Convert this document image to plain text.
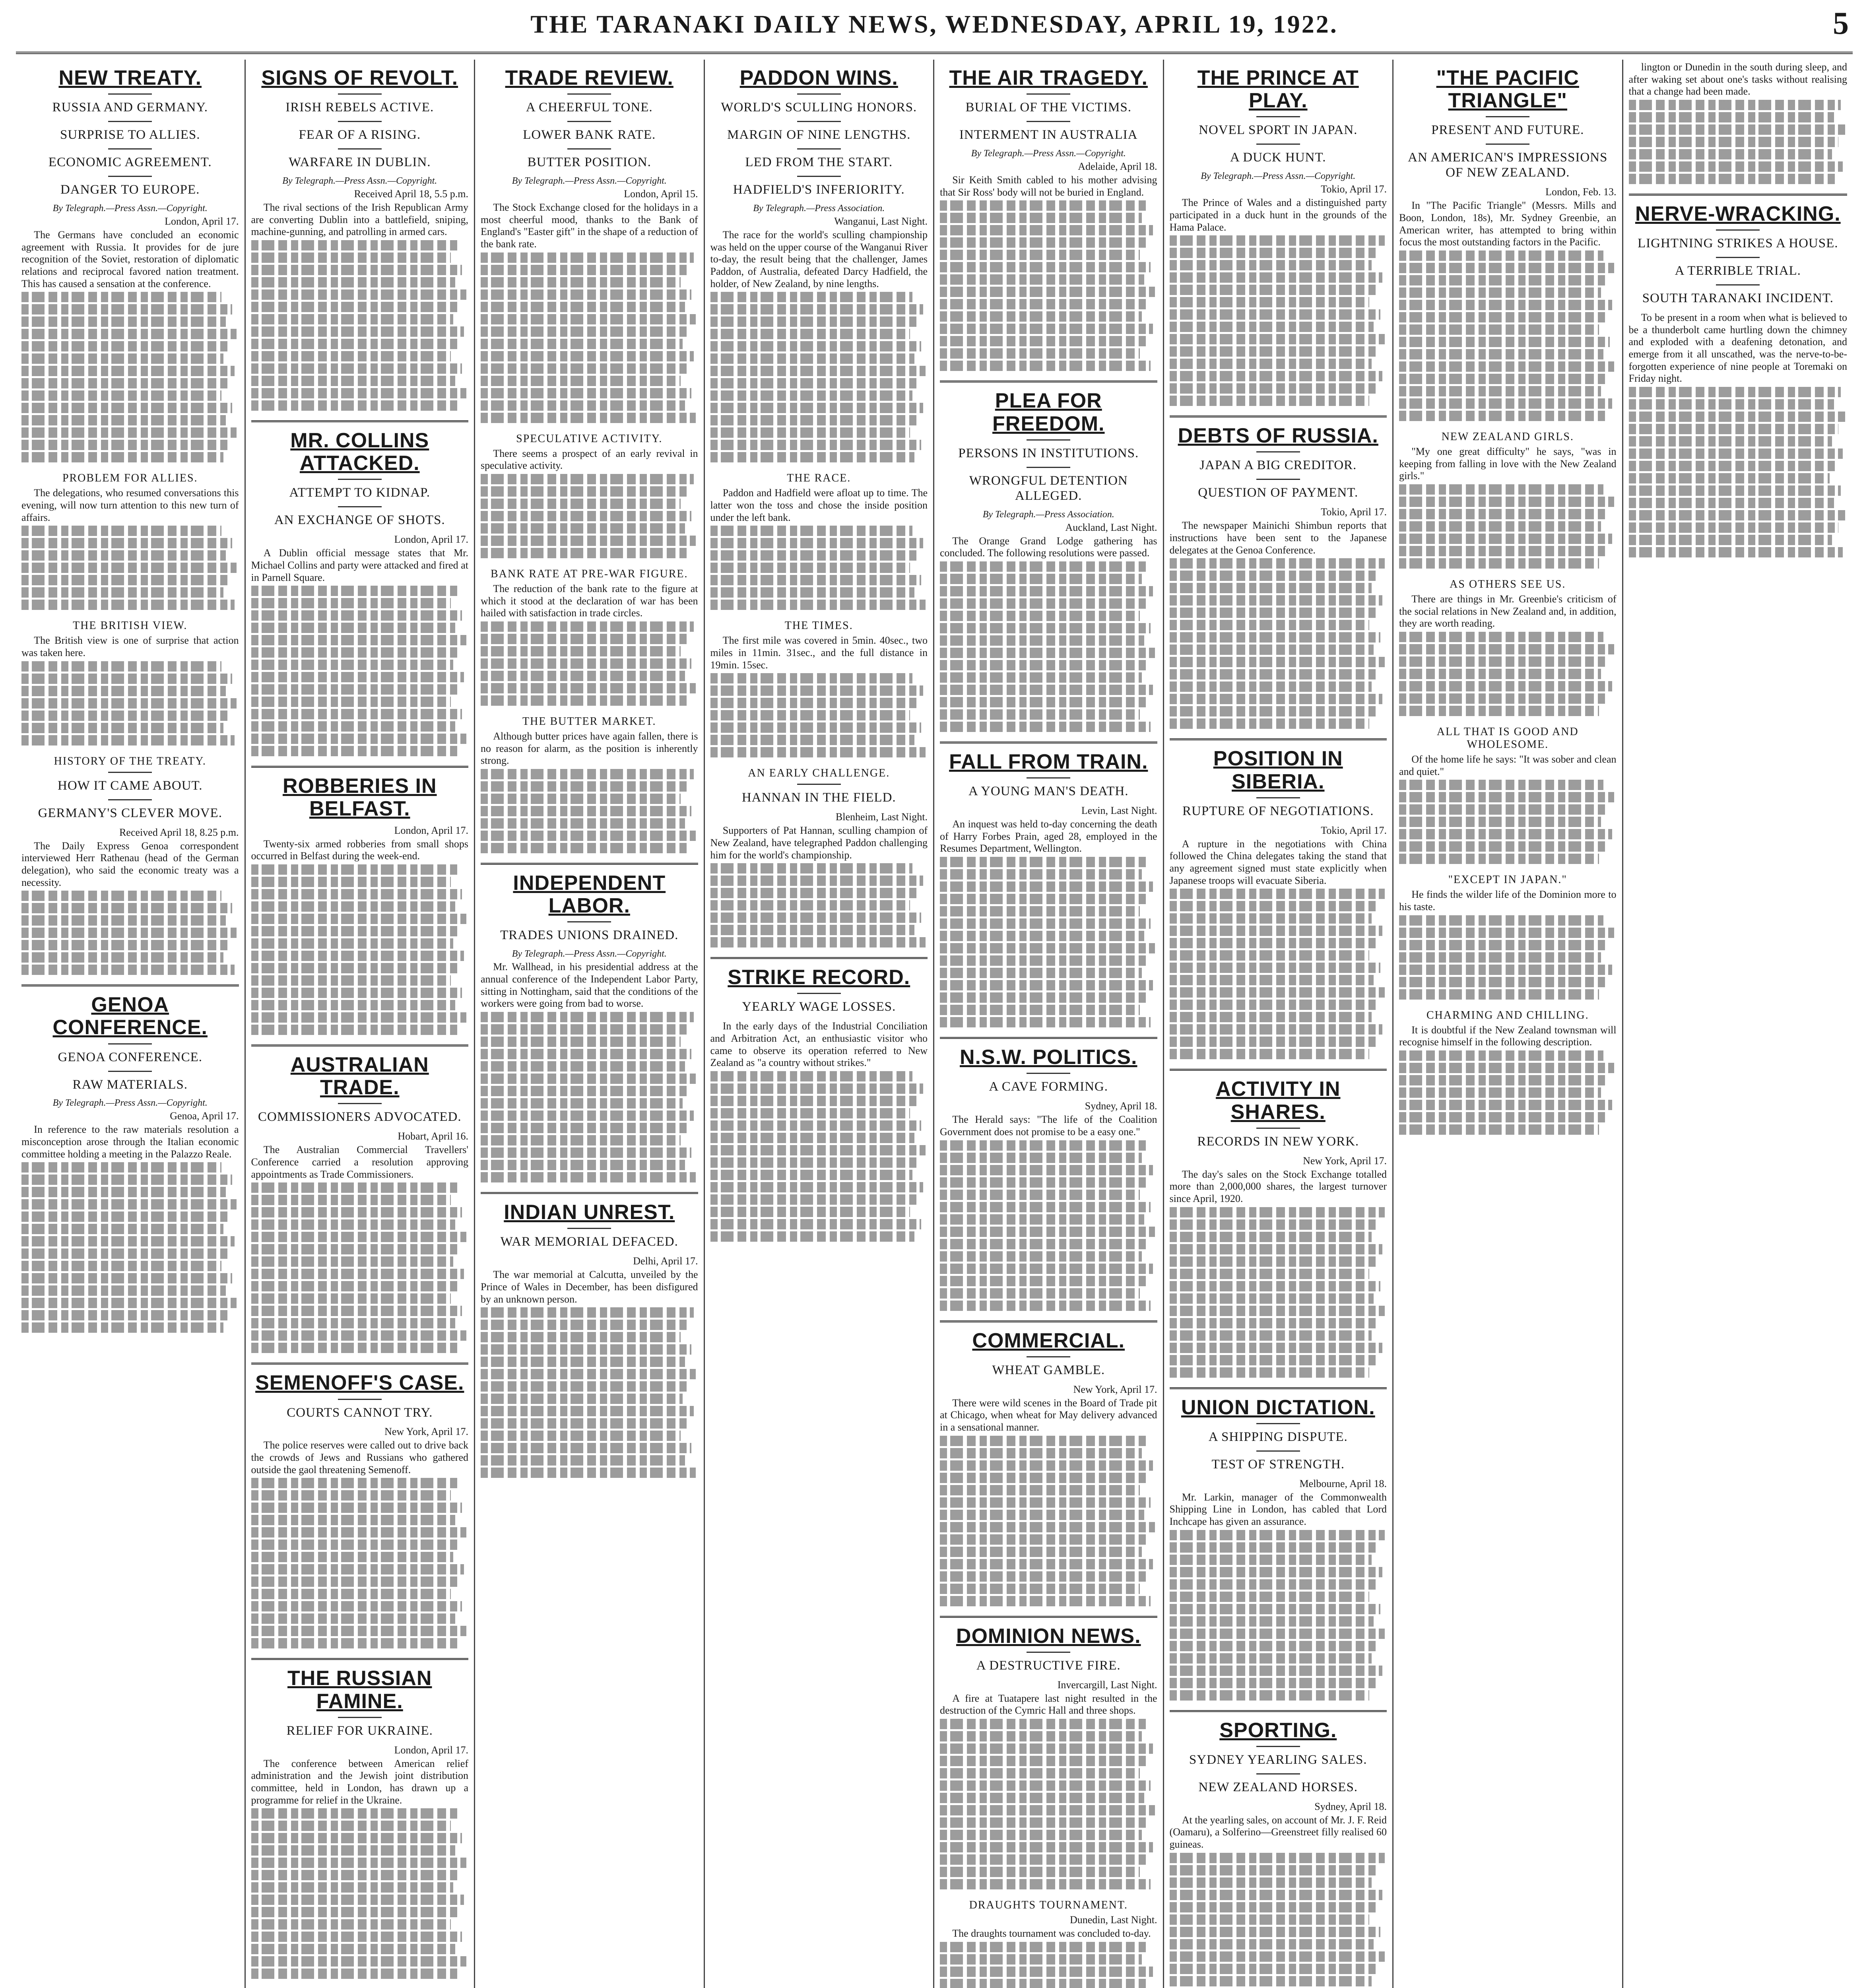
THE TARANAKI DAILY NEWS, WEDNESDAY, APRIL 19, 1922.	5
NEW TREATY.
RUSSIA AND GERMANY.
SURPRISE TO ALLIES.
ECONOMIC AGREEMENT.
DANGER TO EUROPE.
By Telegraph.—Press Assn.—Copyright.
London, April 17.
The Germans have concluded an economic agreement with Russia. It provides for de jure recognition of the Soviet, restoration of diplomatic relations and reciprocal favored nation treatment. This has caused a sensation at the conference.
PROBLEM FOR ALLIES.
The delegations, who resumed conversations this evening, will now turn attention to this new turn of affairs.
THE BRITISH VIEW.
The British view is one of surprise that action was taken here.
HISTORY OF THE TREATY.
HOW IT CAME ABOUT.
GERMANY'S CLEVER MOVE.
Received April 18, 8.25 p.m.
The Daily Express Genoa correspondent interviewed Herr Rathenau (head of the German delegation), who said the economic treaty was a necessity.
GENOA CONFERENCE.
GENOA CONFERENCE.
RAW MATERIALS.
By Telegraph.—Press Assn.—Copyright.
Genoa, April 17.
In reference to the raw materials resolution a misconception arose through the Italian economic committee holding a meeting in the Palazzo Reale.
SIGNS OF REVOLT.
IRISH REBELS ACTIVE.
FEAR OF A RISING.
WARFARE IN DUBLIN.
By Telegraph.—Press Assn.—Copyright.
Received April 18, 5.5 p.m.
The rival sections of the Irish Republican Army are converting Dublin into a battlefield, sniping, machine-gunning, and patrolling in armed cars.
MR. COLLINS ATTACKED.
ATTEMPT TO KIDNAP.
AN EXCHANGE OF SHOTS.
London, April 17.
A Dublin official message states that Mr. Michael Collins and party were attacked and fired at in Parnell Square.
ROBBERIES IN BELFAST.
London, April 17.
Twenty-six armed robberies from small shops occurred in Belfast during the week-end.
AUSTRALIAN TRADE.
COMMISSIONERS ADVOCATED.
Hobart, April 16.
The Australian Commercial Travellers' Conference carried a resolution approving appointments as Trade Commissioners.
SEMENOFF'S CASE.
COURTS CANNOT TRY.
New York, April 17.
The police reserves were called out to drive back the crowds of Jews and Russians who gathered outside the gaol threatening Semenoff.
THE RUSSIAN FAMINE.
RELIEF FOR UKRAINE.
London, April 17.
The conference between American relief administration and the Jewish joint distribution committee, held in London, has drawn up a programme for relief in the Ukraine.
TRADE REVIEW.
A CHEERFUL TONE.
LOWER BANK RATE.
BUTTER POSITION.
By Telegraph.—Press Assn.—Copyright.
London, April 15.
The Stock Exchange closed for the holidays in a most cheerful mood, thanks to the Bank of England's "Easter gift" in the shape of a reduction of the bank rate.
SPECULATIVE ACTIVITY.
There seems a prospect of an early revival in speculative activity.
BANK RATE AT PRE-WAR FIGURE.
The reduction of the bank rate to the figure at which it stood at the declaration of war has been hailed with satisfaction in trade circles.
THE BUTTER MARKET.
Although butter prices have again fallen, there is no reason for alarm, as the position is inherently strong.
INDEPENDENT LABOR.
TRADES UNIONS DRAINED.
By Telegraph.—Press Assn.—Copyright.
Mr. Wallhead, in his presidential address at the annual conference of the Independent Labor Party, sitting in Nottingham, said that the conditions of the workers were going from bad to worse.
INDIAN UNREST.
WAR MEMORIAL DEFACED.
Delhi, April 17.
The war memorial at Calcutta, unveiled by the Prince of Wales in December, has been disfigured by an unknown person.
PADDON WINS.
WORLD'S SCULLING HONORS.
MARGIN OF NINE LENGTHS.
LED FROM THE START.
HADFIELD'S INFERIORITY.
By Telegraph.—Press Association.
Wanganui, Last Night.
The race for the world's sculling championship was held on the upper course of the Wanganui River to-day, the result being that the challenger, James Paddon, of Australia, defeated Darcy Hadfield, the holder, of New Zealand, by nine lengths.
THE RACE.
Paddon and Hadfield were afloat up to time. The latter won the toss and chose the inside position under the left bank.
THE TIMES.
The first mile was covered in 5min. 40sec., two miles in 11min. 31sec., and the full distance in 19min. 15sec.
AN EARLY CHALLENGE.
HANNAN IN THE FIELD.
Blenheim, Last Night.
Supporters of Pat Hannan, sculling champion of New Zealand, have telegraphed Paddon challenging him for the world's championship.
STRIKE RECORD.
YEARLY WAGE LOSSES.
In the early days of the Industrial Conciliation and Arbitration Act, an enthusiastic visitor who came to observe its operation referred to New Zealand as "a country without strikes."
THE AIR TRAGEDY.
BURIAL OF THE VICTIMS.
INTERMENT IN AUSTRALIA
By Telegraph.—Press Assn.—Copyright.
Adelaide, April 18.
Sir Keith Smith cabled to his mother advising that Sir Ross' body will not be buried in England.
PLEA FOR FREEDOM.
PERSONS IN INSTITUTIONS.
WRONGFUL DETENTION ALLEGED.
By Telegraph.—Press Association.
Auckland, Last Night.
The Orange Grand Lodge gathering has concluded. The following resolutions were passed.
FALL FROM TRAIN.
A YOUNG MAN'S DEATH.
Levin, Last Night.
An inquest was held to-day concerning the death of Harry Forbes Prain, aged 28, employed in the Resumes Department, Wellington.
N.S.W. POLITICS.
A CAVE FORMING.
Sydney, April 18.
The Herald says: "The life of the Coalition Government does not promise to be a easy one."
COMMERCIAL.
WHEAT GAMBLE.
New York, April 17.
There were wild scenes in the Board of Trade pit at Chicago, when wheat for May delivery advanced in a sensational manner.
DOMINION NEWS.
A DESTRUCTIVE FIRE.
Invercargill, Last Night.
A fire at Tuatapere last night resulted in the destruction of the Cymric Hall and three shops.
DRAUGHTS TOURNAMENT.
Dunedin, Last Night.
The draughts tournament was concluded to-day.
THE PRINCE AT PLAY.
NOVEL SPORT IN JAPAN.
A DUCK HUNT.
By Telegraph.—Press Assn.—Copyright.
Tokio, April 17.
The Prince of Wales and a distinguished party participated in a duck hunt in the grounds of the Hama Palace.
DEBTS OF RUSSIA.
JAPAN A BIG CREDITOR.
QUESTION OF PAYMENT.
Tokio, April 17.
The newspaper Mainichi Shimbun reports that instructions have been sent to the Japanese delegates at the Genoa Conference.
POSITION IN SIBERIA.
RUPTURE OF NEGOTIATIONS.
Tokio, April 17.
A rupture in the negotiations with China followed the China delegates taking the stand that any agreement signed must state explicitly when Japanese troops will evacuate Siberia.
ACTIVITY IN SHARES.
RECORDS IN NEW YORK.
New York, April 17.
The day's sales on the Stock Exchange totalled more than 2,000,000 shares, the largest turnover since April, 1920.
UNION DICTATION.
A SHIPPING DISPUTE.
TEST OF STRENGTH.
Melbourne, April 18.
Mr. Larkin, manager of the Commonwealth Shipping Line in London, has cabled that Lord Inchcape has given an assurance.
SPORTING.
SYDNEY YEARLING SALES.
NEW ZEALAND HORSES.
Sydney, April 18.
At the yearling sales, on account of Mr. J. F. Reid (Oamaru), a Solferino—Greenstreet filly realised 60 guineas.
"THE PACIFIC TRIANGLE"
PRESENT AND FUTURE.
AN AMERICAN'S IMPRESSIONS OF NEW ZEALAND.
London, Feb. 13.
In "The Pacific Triangle" (Messrs. Mills and Boon, London, 18s), Mr. Sydney Greenbie, an American writer, has attempted to bring within focus the most outstanding factors in the Pacific.
NEW ZEALAND GIRLS.
"My one great difficulty" he says, "was in keeping from falling in love with the New Zealand girls."
AS OTHERS SEE US.
There are things in Mr. Greenbie's criticism of the social relations in New Zealand and, in addition, they are worth reading.
ALL THAT IS GOOD AND WHOLESOME.
Of the home life he says: "It was sober and clean and quiet."
"EXCEPT IN JAPAN."
He finds the wilder life of the Dominion more to his taste.
CHARMING AND CHILLING.
It is doubtful if the New Zealand townsman will recognise himself in the following description.
lington or Dunedin in the south during sleep, and after waking set about one's tasks without realising that a change had been made.
NERVE-WRACKING.
LIGHTNING STRIKES A HOUSE.
A TERRIBLE TRIAL.
SOUTH TARANAKI INCIDENT.
To be present in a room when what is believed to be a thunderbolt came hurtling down the chimney and exploded with a deafening detonation, and emerge from it all unscathed, was the nerve-to-be-forgotten experience of nine people at Toremaki on Friday night.
